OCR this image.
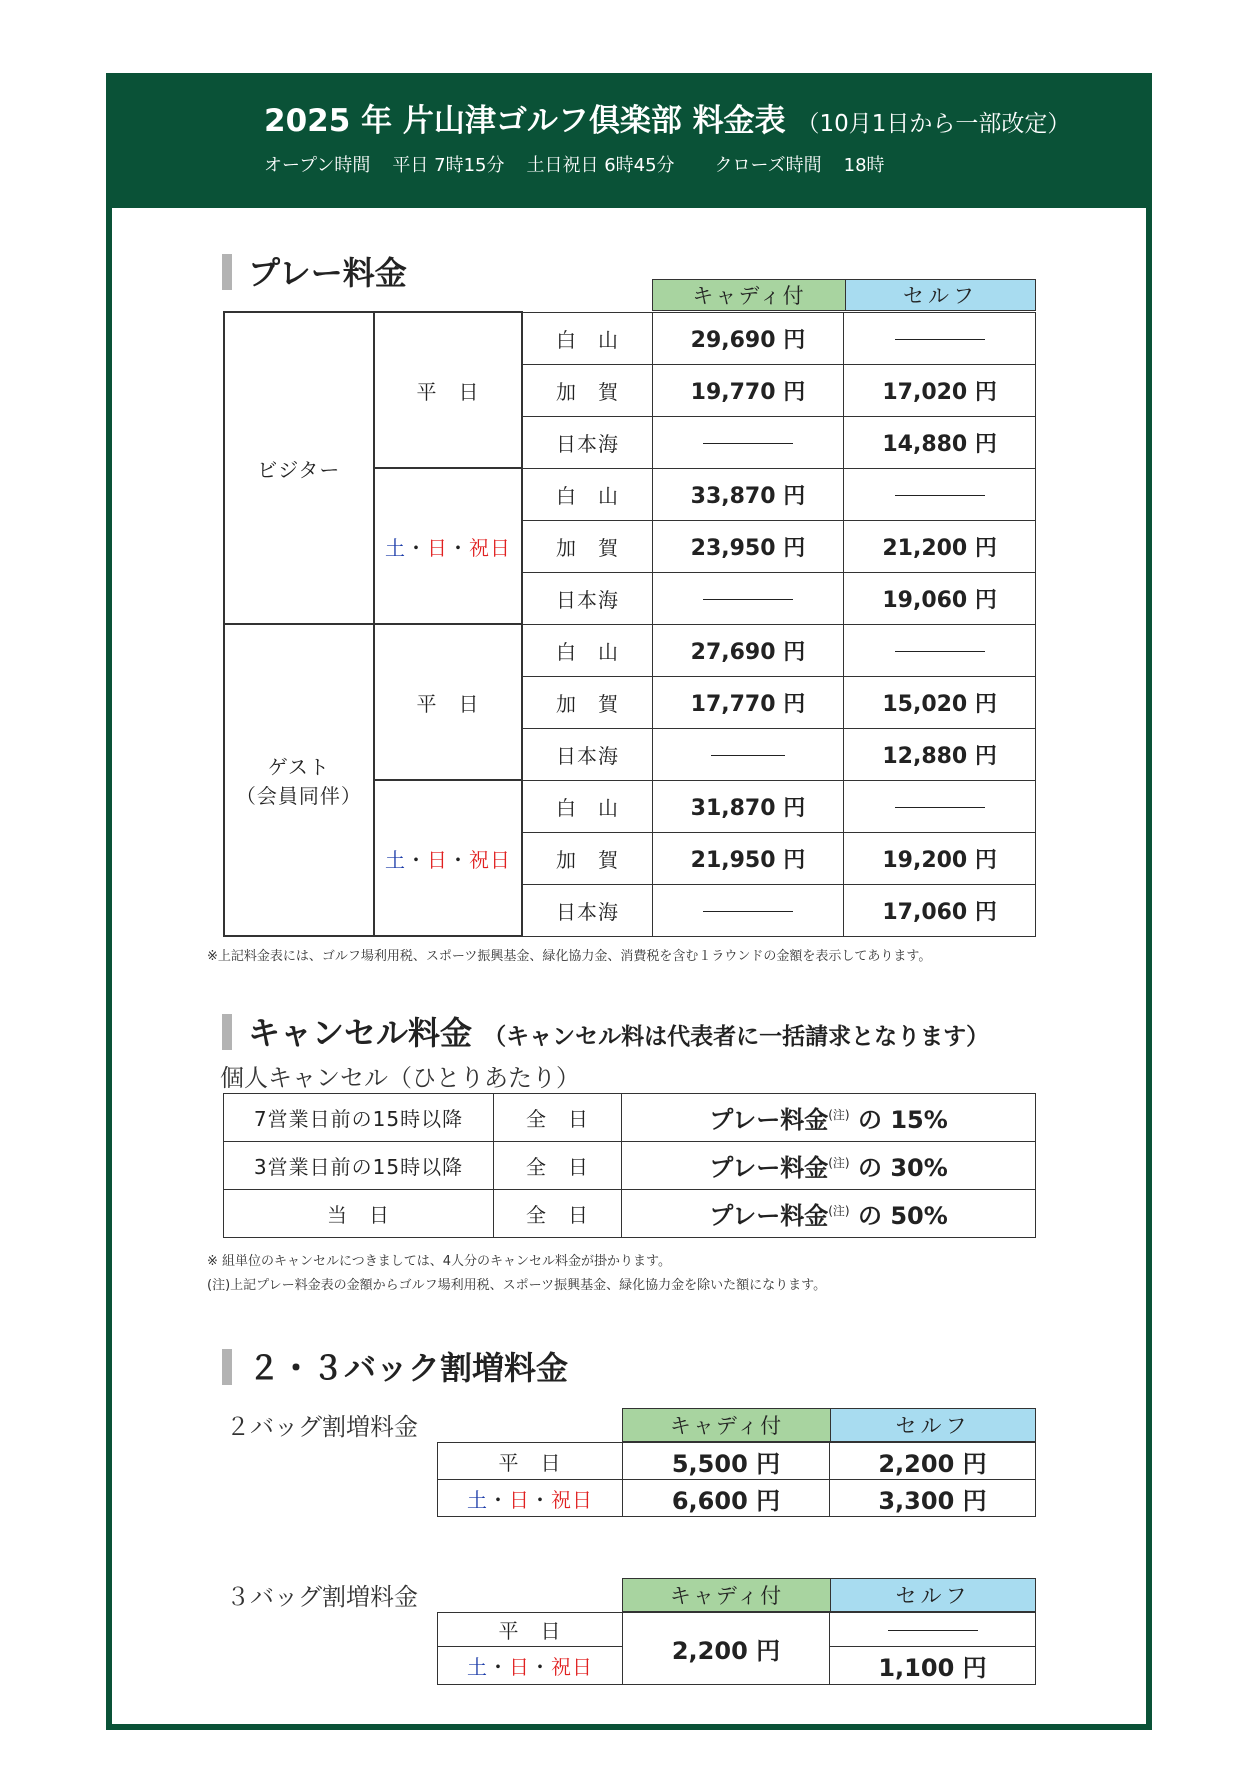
2025 年 片山津ゴルフ倶楽部 料金表 （10月1日から一部改定）
オープン時間 平日 7時15分 土日祝日 6時45分 クローズ時間 18時
プレー料金
キャディ付	セルフ
ビジター	平　日	白　山	29,690 円	
		加　賀	19,770 円	17,020 円
		日本海		14,880 円
	土・日・祝日	白　山	33,870 円	
		加　賀	23,950 円	21,200 円
		日本海		19,060 円

ゲスト
（会員同伴）	平　日	白　山	27,690 円	
		加　賀	17,770 円	15,020 円
		日本海		12,880 円
	土・日・祝日	白　山	31,870 円	
		加　賀	21,950 円	19,200 円
		日本海		17,060 円
※上記料金表には、ゴルフ場利用税、スポーツ振興基金、緑化協力金、消費税を含む１ラウンドの金額を表示してあります。
キャンセル料金 （キャンセル料は代表者に一括請求となります）
個人キャンセル（ひとりあたり）
7営業日前の15時以降	全　日	プレー料金$^{(注)}$ の 15%
3営業日前の15時以降	全　日	プレー料金$^{(注)}$ の 30%
当　日	全　日	プレー料金$^{(注)}$ の 50%
※ 組単位のキャンセルにつきましては、4人分のキャンセル料金が掛かります。
(注)上記プレー料金表の金額からゴルフ場利用税、スポーツ振興基金、緑化協力金を除いた額になります。
２・３バック割増料金
２バッグ割増料金	キャディ付	セルフ
平　日	5,500 円	2,200 円
土・日・祝日	6,600 円	3,300 円
３バッグ割増料金	キャディ付	セルフ
平　日	2,200 円	
土・日・祝日		1,100 円
